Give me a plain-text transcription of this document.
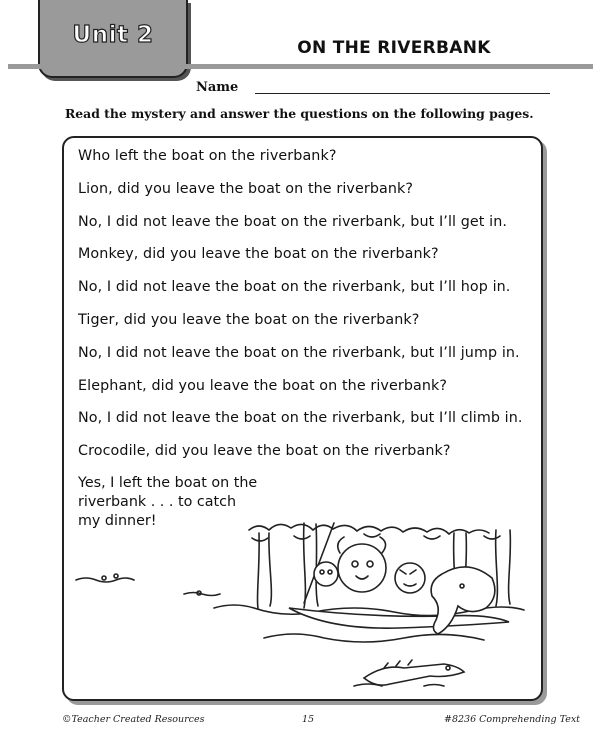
Unit 2	ON THE RIVERBANK
Name
Read the mystery and answer the questions on the following pages.
Who left the boat on the riverbank?
Lion, did you leave the boat on the riverbank?
No, I did not leave the boat on the riverbank, but I’ll get in.
Monkey, did you leave the boat on the riverbank?
No, I did not leave the boat on the riverbank, but I’ll hop in.
Tiger, did you leave the boat on the riverbank?
No, I did not leave the boat on the riverbank, but I’ll jump in.
Elephant, did you leave the boat on the riverbank?
No, I did not leave the boat on the riverbank, but I’ll climb in.
Crocodile, did you leave the boat on the riverbank?
Yes, I left the boat on the
riverbank . . . to catch
my dinner!
©Teacher Created Resources	15	#8236 Comprehending Text
